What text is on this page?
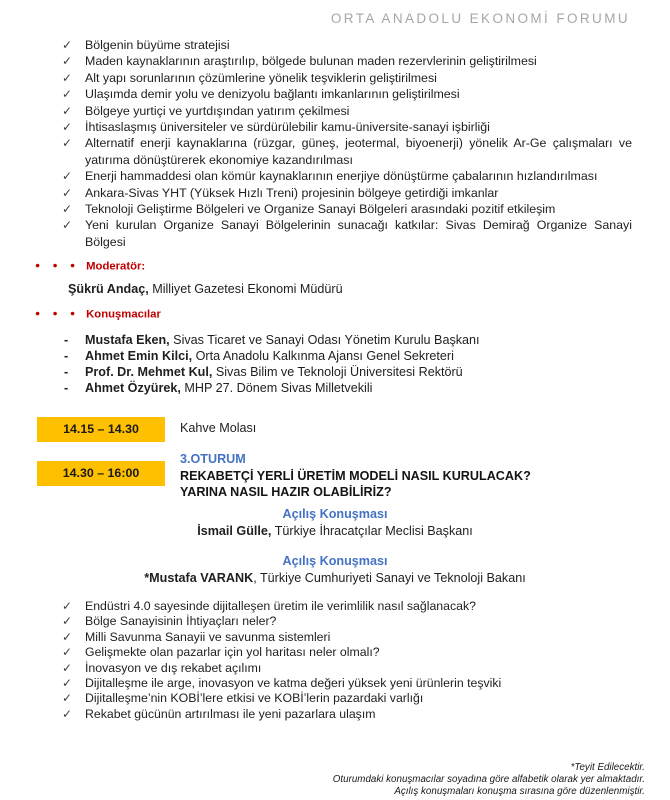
ORTA ANADOLU EKONOMİ FORUMU
✓ Bölgenin büyüme stratejisi
✓ Maden kaynaklarının araştırılıp, bölgede bulunan maden rezervlerinin geliştirilmesi
✓ Alt yapı sorunlarının çözümlerine yönelik teşviklerin geliştirilmesi
✓ Ulaşımda demir yolu ve denizyolu bağlantı imkanlarının geliştirilmesi
✓ Bölgeye yurtiçi ve yurtdışından yatırım çekilmesi
✓ İhtisaslaşmış üniversiteler ve sürdürülebilir kamu-üniversite-sanayi işbirliği
✓ Alternatif enerji kaynaklarına (rüzgar, güneş, jeotermal, biyoenerji) yönelik Ar-Ge çalışmaları ve yatırıma dönüştürerek ekonomiye kazandırılması
✓ Enerji hammaddesi olan kömür kaynaklarının enerjiye dönüştürme çabalarının hızlandırılması
✓ Ankara-Sivas YHT (Yüksek Hızlı Treni) projesinin bölgeye getirdiği imkanlar
✓ Teknoloji Geliştirme Bölgeleri ve Organize Sanayi Bölgeleri arasındaki pozitif etkileşim
✓ Yeni kurulan Organize Sanayi Bölgelerinin sunacağı katkılar: Sivas Demirağ Organize Sanayi Bölgesi
● ● ● Moderatör:
Şükrü Andaç, Milliyet Gazetesi Ekonomi Müdürü
● ● ● Konuşmacılar
- Mustafa Eken, Sivas Ticaret ve Sanayi Odası Yönetim Kurulu Başkanı
- Ahmet Emin Kilci, Orta Anadolu Kalkınma Ajansı Genel Sekreteri
- Prof. Dr. Mehmet Kul, Sivas Bilim ve Teknoloji Üniversitesi Rektörü
- Ahmet Özyürek, MHP 27. Dönem Sivas Milletvekili
14.15 – 14.30	Kahve Molası
14.30 – 16:00
3.OTURUM
REKABETÇİ YERLİ ÜRETİM MODELİ NASIL KURULACAK?
YARINA NASIL HAZIR OLABİLİRİZ?
Açılış Konuşması
İsmail Gülle, Türkiye İhracatçılar Meclisi Başkanı
Açılış Konuşması
*Mustafa VARANK, Türkiye Cumhuriyeti Sanayi ve Teknoloji Bakanı
✓ Endüstri 4.0 sayesinde dijitalleşen üretim ile verimlilik nasıl sağlanacak?
✓ Bölge Sanayisinin İhtiyaçları neler?
✓ Milli Savunma Sanayii ve savunma sistemleri
✓ Gelişmekte olan pazarlar için yol haritası neler olmalı?
✓ İnovasyon ve dış rekabet açılımı
✓ Dijitalleşme ile arge, inovasyon ve katma değeri yüksek yeni ürünlerin teşviki
✓ Dijitalleşme’nin KOBİ’lere etkisi ve KOBİ’lerin pazardaki varlığı
✓ Rekabet gücünün artırılması ile yeni pazarlara ulaşım
*Teyit Edilecektir.
Oturumdaki konuşmacılar soyadına göre alfabetik olarak yer almaktadır.
Açılış konuşmaları konuşma sırasına göre düzenlenmiştir.
